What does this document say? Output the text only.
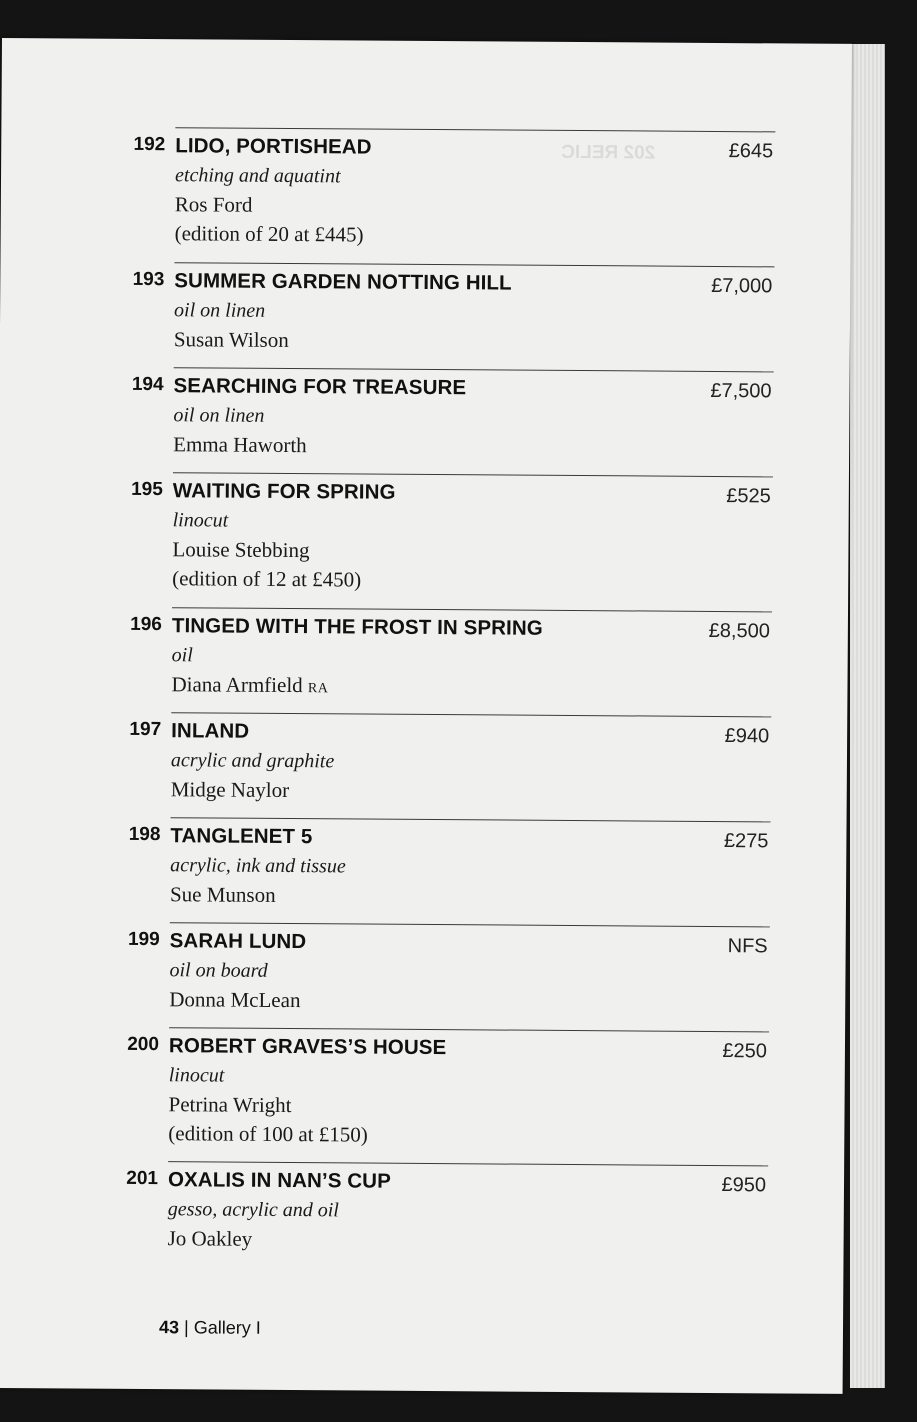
202 RELIC
192 LIDO, PORTISHEAD	£645
etching and aquatint
Ros Ford
(edition of 20 at £445)
193 SUMMER GARDEN NOTTING HILL	£7,000
oil on linen
Susan Wilson
194 SEARCHING FOR TREASURE	£7,500
oil on linen
Emma Haworth
195 WAITING FOR SPRING	£525
linocut
Louise Stebbing
(edition of 12 at £450)
196 TINGED WITH THE FROST IN SPRING	£8,500
oil
Diana Armfield RA
197 INLAND	£940
acrylic and graphite
Midge Naylor
198 TANGLENET 5	£275
acrylic, ink and tissue
Sue Munson
199 SARAH LUND	NFS
oil on board
Donna McLean
200 ROBERT GRAVES’S HOUSE	£250
linocut
Petrina Wright
(edition of 100 at £150)
201 OXALIS IN NAN’S CUP	£950
gesso, acrylic and oil
Jo Oakley
43 | Gallery I
